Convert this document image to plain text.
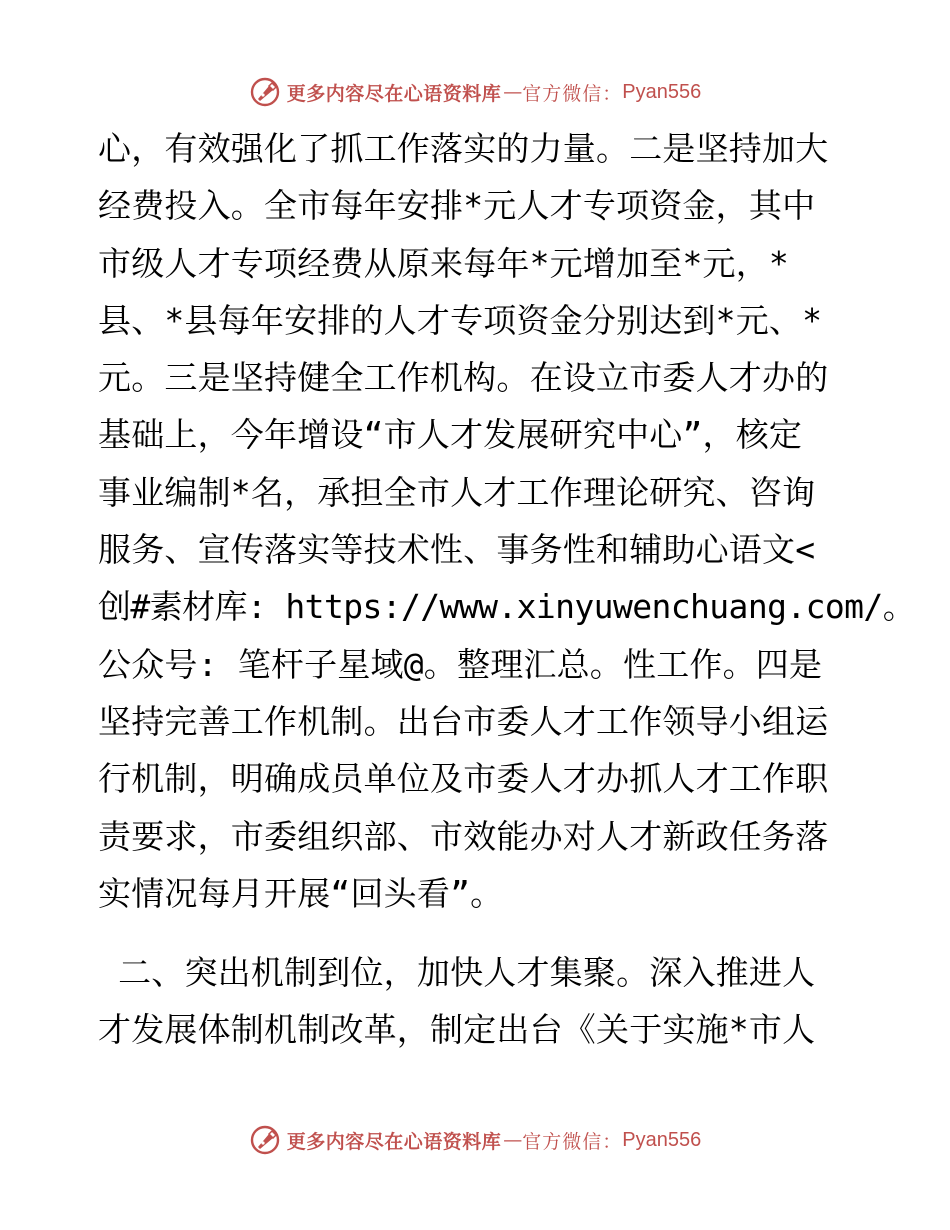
更多内容尽在心语资料库 — 官方微信： Pyan556
心，有效强化了抓工作落实的力量。二是坚持加大
经费投入。全市每年安排*元人才专项资金，其中
市级人才专项经费从原来每年*元增加至*元，*
县、*县每年安排的人才专项资金分别达到*元、*
元。三是坚持健全工作机构。在设立市委人才办的
基础上，今年增设“市人才发展研究中心”，核定
事业编制*名，承担全市人才工作理论研究、咨询
服务、宣传落实等技术性、事务性和辅助心语文<
创#素材库: https://www.xinyuwenchuang.com/。
公众号: 笔杆子星域@。整理汇总。性工作。四是
坚持完善工作机制。出台市委人才工作领导小组运
行机制，明确成员单位及市委人才办抓人才工作职
责要求，市委组织部、市效能办对人才新政任务落
实情况每月开展“回头看”。
二、突出机制到位，加快人才集聚。深入推进人
才发展体制机制改革，制定出台《关于实施*市人
更多内容尽在心语资料库 — 官方微信： Pyan556
